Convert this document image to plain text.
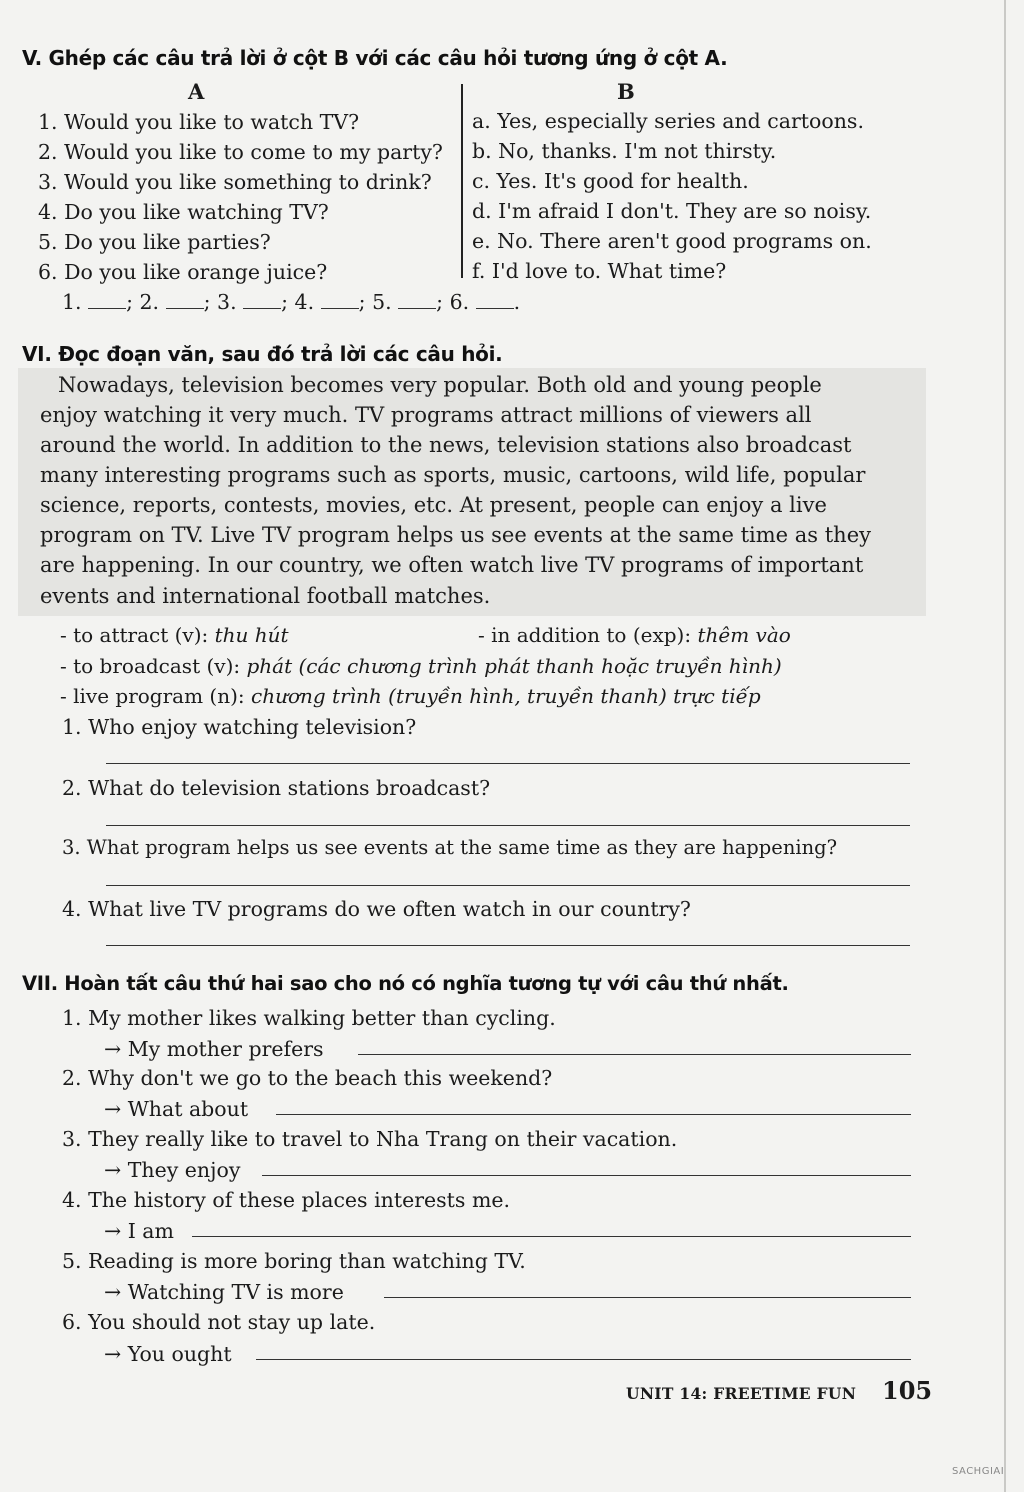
V. Ghép các câu trả lời ở cột B với các câu hỏi tương ứng ở cột A.
A	B
1. Would you like to watch TV?
2. Would you like to come to my party?
3. Would you like something to drink?
4. Do you like watching TV?
5. Do you like parties?
6. Do you like orange juice?
a. Yes, especially series and cartoons.
b. No, thanks. I'm not thirsty.
c. Yes. It's good for health.
d. I'm afraid I don't. They are so noisy.
e. No. There aren't good programs on.
f. I'd love to. What time?
1. ; 2. ; 3. ; 4. ; 5. ; 6. .
VI. Đọc đoạn văn, sau đó trả lời các câu hỏi.
Nowadays, television becomes very popular. Both old and young people
enjoy watching it very much. TV programs attract millions of viewers all
around the world. In addition to the news, television stations also broadcast
many interesting programs such as sports, music, cartoons, wild life, popular
science, reports, contests, movies, etc. At present, people can enjoy a live
program on TV. Live TV program helps us see events at the same time as they
are happening. In our country, we often watch live TV programs of important
events and international football matches.
- to attract (v): thu hút	- in addition to (exp): thêm vào
- to broadcast (v): phát (các chương trình phát thanh hoặc truyền hình)
- live program (n): chương trình (truyền hình, truyền thanh) trực tiếp
1. Who enjoy watching television?
2. What do television stations broadcast?
3. What program helps us see events at the same time as they are happening?
4. What live TV programs do we often watch in our country?
VII. Hoàn tất câu thứ hai sao cho nó có nghĩa tương tự với câu thứ nhất.
1. My mother likes walking better than cycling.
→ My mother prefers
2. Why don't we go to the beach this weekend?
→ What about
3. They really like to travel to Nha Trang on their vacation.
→ They enjoy
4. The history of these places interests me.
→ I am
5. Reading is more boring than watching TV.
→ Watching TV is more
6. You should not stay up late.
→ You ought
UNIT 14: FREETIME FUN 105
SACHGIAI
